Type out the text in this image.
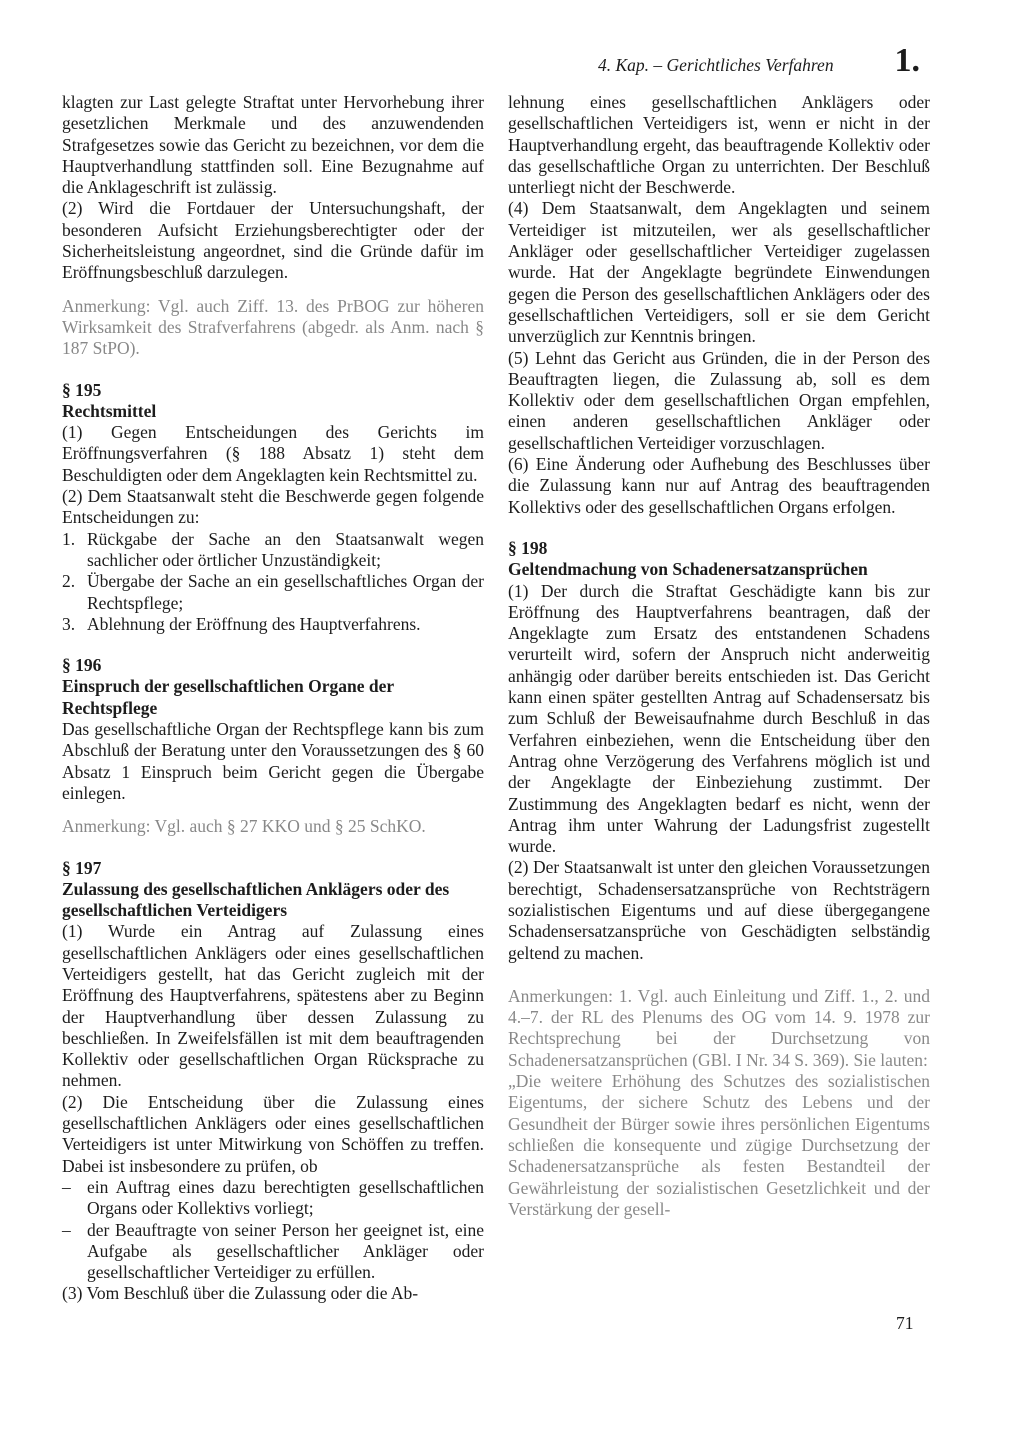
4. Kap. – Gerichtliches Verfahren 1.

klagten zur Last gelegte Straftat unter Hervorhebung ihrer gesetzlichen Merkmale und des anzuwendenden Strafgesetzes sowie das Gericht zu bezeichnen, vor dem die Hauptverhandlung stattfinden soll. Eine Bezugnahme auf die Anklageschrift ist zulässig.

(2) Wird die Fortdauer der Untersuchungshaft, der besonderen Aufsicht Erziehungsberechtigter oder der Sicherheitsleistung angeordnet, sind die Gründe dafür im Eröffnungsbeschluß darzulegen.

Anmerkung: Vgl. auch Ziff. 13. des PrBOG zur höheren Wirksamkeit des Strafverfahrens (abgedr. als Anm. nach § 187 StPO).

§ 195

Rechtsmittel

(1) Gegen Entscheidungen des Gerichts im Eröffnungsverfahren (§ 188 Absatz 1) steht dem Beschuldigten oder dem Angeklagten kein Rechtsmittel zu.

(2) Dem Staatsanwalt steht die Beschwerde gegen folgende Entscheidungen zu:

1. Rückgabe der Sache an den Staatsanwalt wegen sachlicher oder örtlicher Unzuständigkeit;
2. Übergabe der Sache an ein gesellschaftliches Organ der Rechtspflege;
3. Ablehnung der Eröffnung des Hauptverfahrens.

§ 196

Einspruch der gesellschaftlichen Organe der Rechtspflege

Das gesellschaftliche Organ der Rechtspflege kann bis zum Abschluß der Beratung unter den Voraussetzungen des § 60 Absatz 1 Einspruch beim Gericht gegen die Übergabe einlegen.

Anmerkung: Vgl. auch § 27 KKO und § 25 SchKO.

§ 197

Zulassung des gesellschaftlichen Anklägers oder des gesellschaftlichen Verteidigers

(1) Wurde ein Antrag auf Zulassung eines gesellschaftlichen Anklägers oder eines gesellschaftlichen Verteidigers gestellt, hat das Gericht zugleich mit der Eröffnung des Hauptverfahrens, spätestens aber zu Beginn der Hauptverhandlung über dessen Zulassung zu beschließen. In Zweifelsfällen ist mit dem beauftragenden Kollektiv oder gesellschaftlichen Organ Rücksprache zu nehmen.

(2) Die Entscheidung über die Zulassung eines gesellschaftlichen Anklägers oder eines gesellschaftlichen Verteidigers ist unter Mitwirkung von Schöffen zu treffen. Dabei ist insbesondere zu prüfen, ob

– ein Auftrag eines dazu berechtigten gesellschaftlichen Organs oder Kollektivs vorliegt;
– der Beauftragte von seiner Person her geeignet ist, eine Aufgabe als gesellschaftlicher Ankläger oder gesellschaftlicher Verteidiger zu erfüllen.

(3) Vom Beschluß über die Zulassung oder die Ab-

lehnung eines gesellschaftlichen Anklägers oder gesellschaftlichen Verteidigers ist, wenn er nicht in der Hauptverhandlung ergeht, das beauftragende Kollektiv oder das gesellschaftliche Organ zu unterrichten. Der Beschluß unterliegt nicht der Beschwerde.

(4) Dem Staatsanwalt, dem Angeklagten und seinem Verteidiger ist mitzuteilen, wer als gesellschaftlicher Ankläger oder gesellschaftlicher Verteidiger zugelassen wurde. Hat der Angeklagte begründete Einwendungen gegen die Person des gesellschaftlichen Anklägers oder des gesellschaftlichen Verteidigers, soll er sie dem Gericht unverzüglich zur Kenntnis bringen.

(5) Lehnt das Gericht aus Gründen, die in der Person des Beauftragten liegen, die Zulassung ab, soll es dem Kollektiv oder dem gesellschaftlichen Organ empfehlen, einen anderen gesellschaftlichen Ankläger oder gesellschaftlichen Verteidiger vorzuschlagen.

(6) Eine Änderung oder Aufhebung des Beschlusses über die Zulassung kann nur auf Antrag des beauftragenden Kollektivs oder des gesellschaftlichen Organs erfolgen.

§ 198

Geltendmachung von Schadenersatzansprüchen

(1) Der durch die Straftat Geschädigte kann bis zur Eröffnung des Hauptverfahrens beantragen, daß der Angeklagte zum Ersatz des entstandenen Schadens verurteilt wird, sofern der Anspruch nicht anderweitig anhängig oder darüber bereits entschieden ist. Das Gericht kann einen später gestellten Antrag auf Schadensersatz bis zum Schluß der Beweisaufnahme durch Beschluß in das Verfahren einbeziehen, wenn die Entscheidung über den Antrag ohne Verzögerung des Verfahrens möglich ist und der Angeklagte der Einbeziehung zustimmt. Der Zustimmung des Angeklagten bedarf es nicht, wenn der Antrag ihm unter Wahrung der Ladungsfrist zugestellt wurde.

(2) Der Staatsanwalt ist unter den gleichen Voraussetzungen berechtigt, Schadensersatzansprüche von Rechtsträgern sozialistischen Eigentums und auf diese übergegangene Schadensersatzansprüche von Geschädigten selbständig geltend zu machen.

Anmerkungen: 1. Vgl. auch Einleitung und Ziff. 1., 2. und 4.–7. der RL des Plenums des OG vom 14. 9. 1978 zur Rechtsprechung bei der Durchsetzung von Schadenersatzansprüchen (GBl. I Nr. 34 S. 369). Sie lauten:

„Die weitere Erhöhung des Schutzes des sozialistischen Eigentums, der sichere Schutz des Lebens und der Gesundheit der Bürger sowie ihres persönlichen Eigentums schließen die konsequente und zügige Durchsetzung der Schadenersatzansprüche als festen Bestandteil der Gewährleistung der sozialistischen Gesetzlichkeit und der Verstärkung der gesell-

71
